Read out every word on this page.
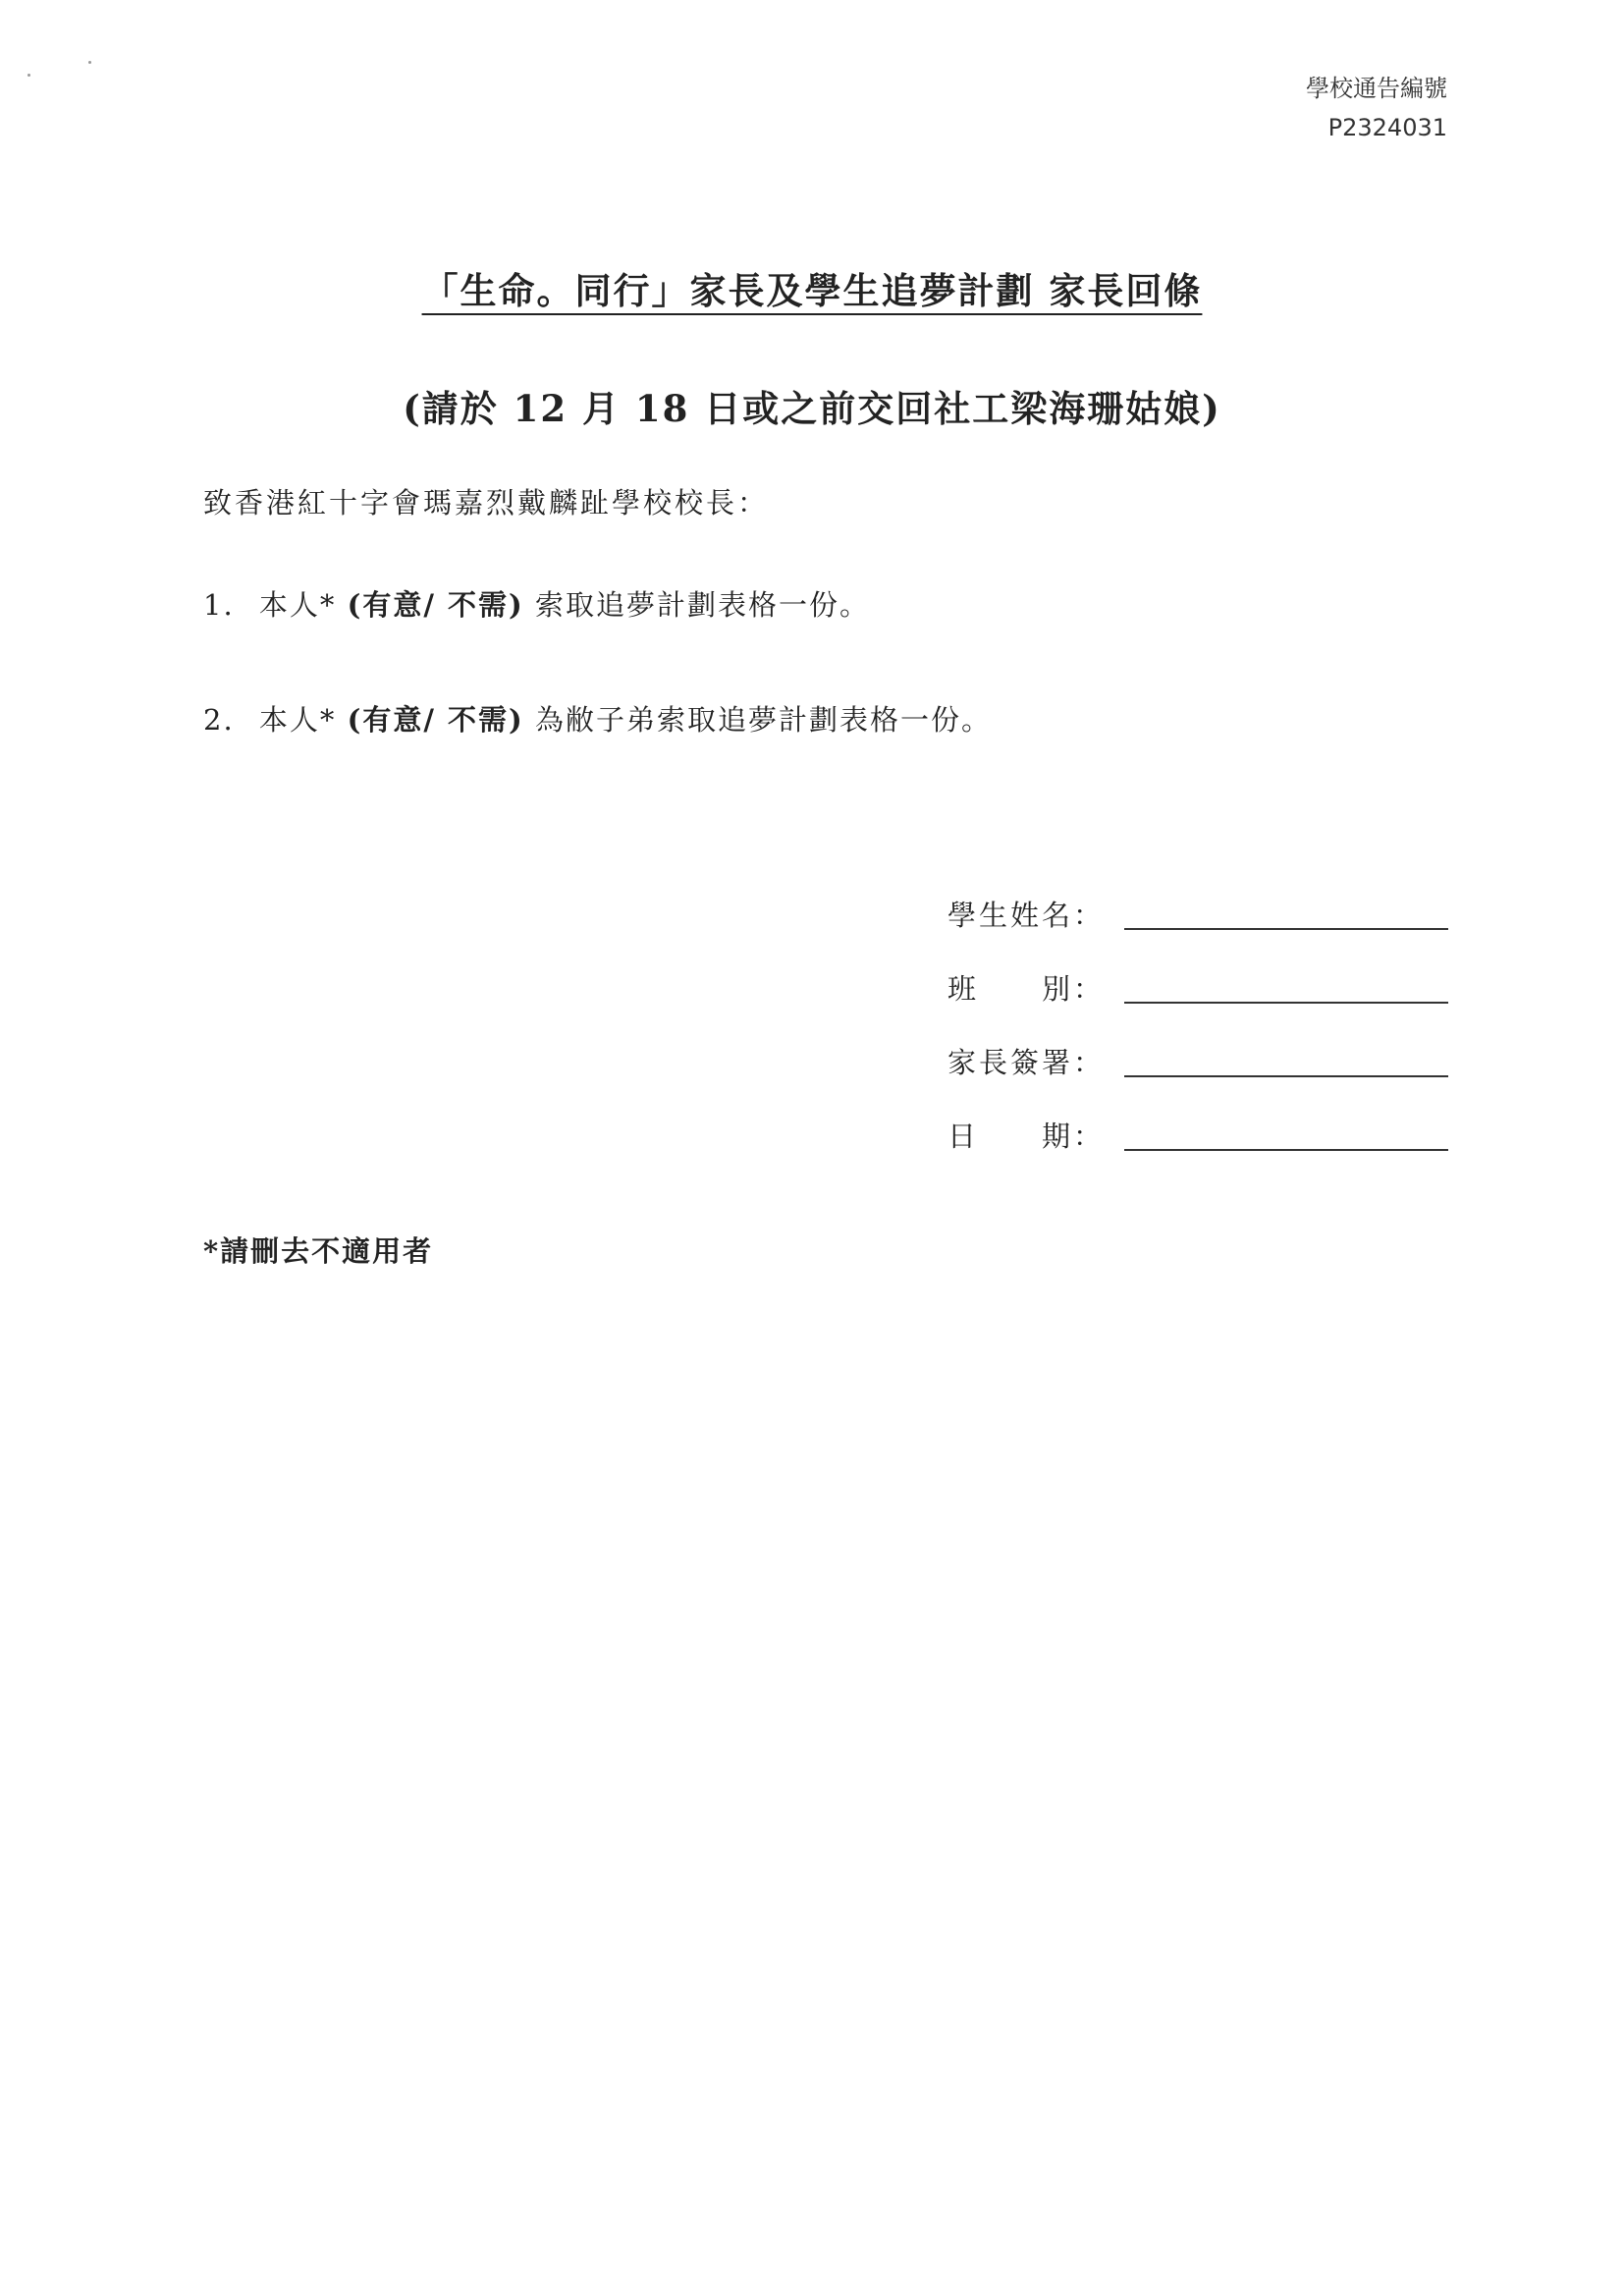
學校通告編號
P2324031
「生命。同行」家長及學生追夢計劃 家長回條
(請於 12 月 18 日或之前交回社工梁海珊姑娘)
致香港紅十字會瑪嘉烈戴麟趾學校校長：
1. 本人* (有意/ 不需) 索取追夢計劃表格一份。
2. 本人* (有意/ 不需) 為敝子弟索取追夢計劃表格一份。
學生姓名：
班　　別：
家長簽署：
日　　期：
*請刪去不適用者
